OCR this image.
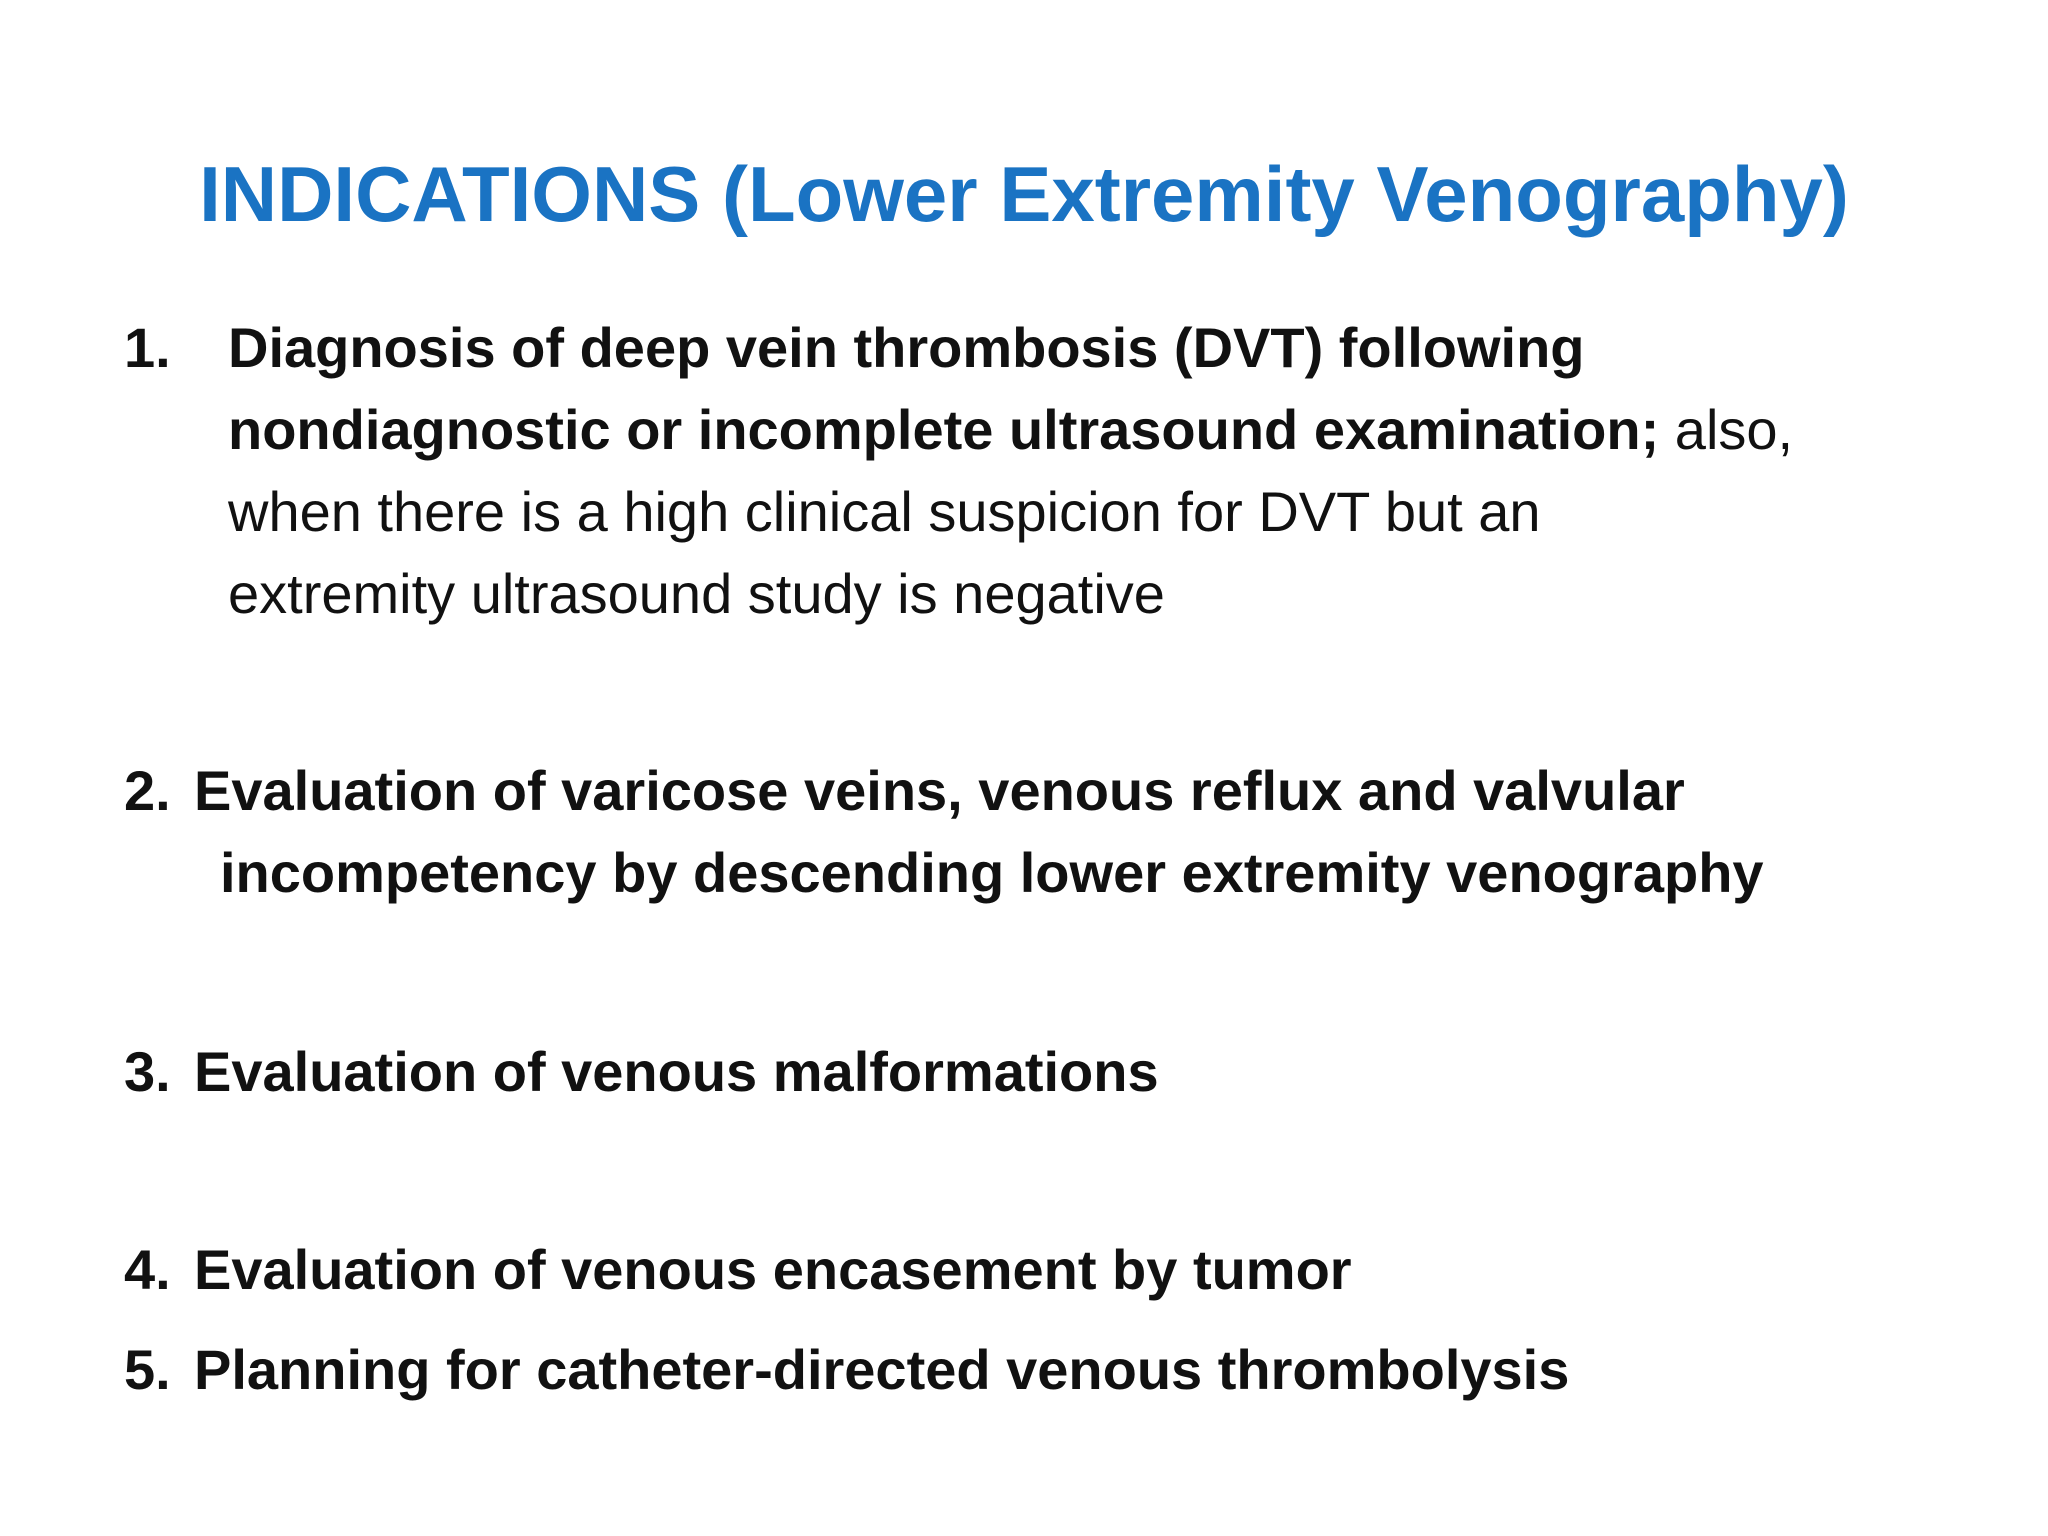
INDICATIONS (Lower Extremity Venography)
1. Diagnosis of deep vein thrombosis (DVT) following
nondiagnostic or incomplete ultrasound examination; also,
when there is a high clinical suspicion for DVT but an
extremity ultrasound study is negative
2. Evaluation of varicose veins, venous reflux and valvular
incompetency by descending lower extremity venography
3. Evaluation of venous malformations
4. Evaluation of venous encasement by tumor
5. Planning for catheter-directed venous thrombolysis
